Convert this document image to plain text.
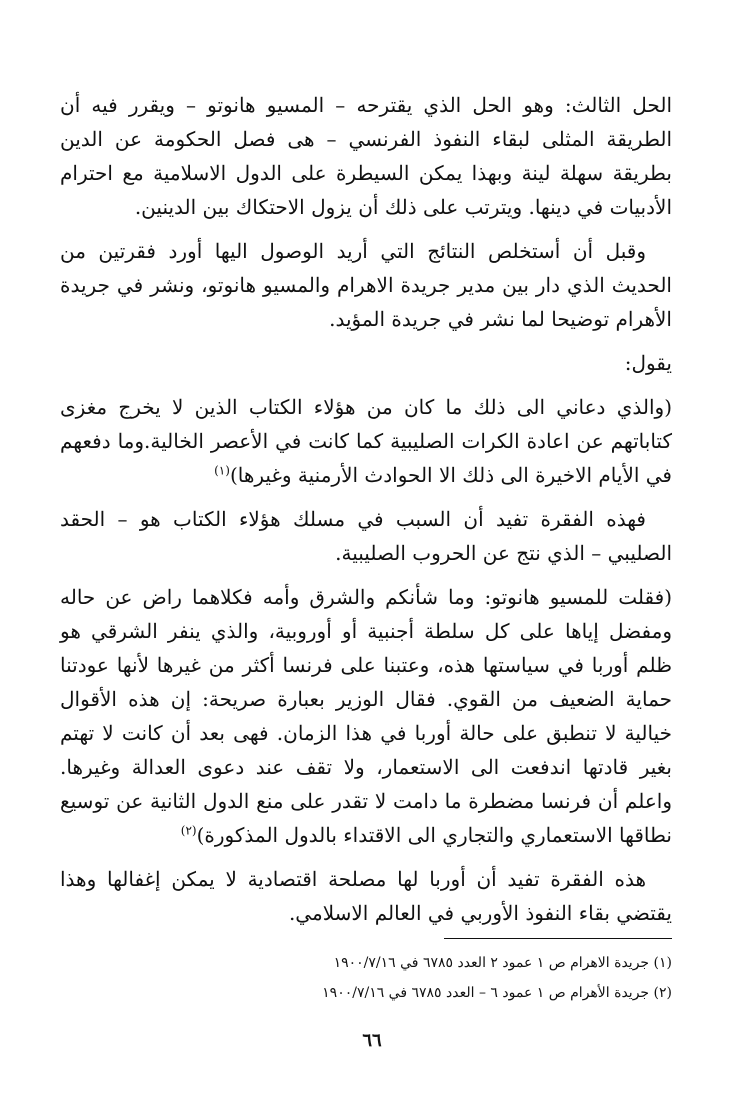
الحل الثالث: وهو الحل الذي يقترحه – المسيو هانوتو – ويقرر فيه أن الطريقة المثلى لبقاء النفوذ الفرنسي – هى فصل الحكومة عن الدين بطريقة سهلة لينة وبهذا يمكن السيطرة على الدول الاسلامية مع احترام الأدبيات في دينها. ويترتب على ذلك أن يزول الاحتكاك بين الدينين.

وقبل أن أستخلص النتائج التي أريد الوصول اليها أورد فقرتين من الحديث الذي دار بين مدير جريدة الاهرام والمسيو هانوتو، ونشر في جريدة الأهرام توضيحا لما نشر في جريدة المؤيد.

يقول:

(والذي دعاني الى ذلك ما كان من هؤلاء الكتاب الذين لا يخرج مغزى كتاباتهم عن اعادة الكرات الصليبية كما كانت في الأعصر الخالية.وما دفعهم في الأيام الاخيرة الى ذلك الا الحوادث الأرمنية وغيرها)$^{(١)}$

فهذه الفقرة تفيد أن السبب في مسلك هؤلاء الكتاب هو – الحقد الصليبي – الذي نتج عن الحروب الصليبية.

(فقلت للمسيو هانوتو: وما شأنكم والشرق وأمه فكلاهما راض عن حاله ومفضل إياها على كل سلطة أجنبية أو أوروبية، والذي ينفر الشرقي هو ظلم أوربا في سياستها هذه، وعتبنا على فرنسا أكثر من غيرها لأنها عودتنا حماية الضعيف من القوي. فقال الوزير بعبارة صريحة: إن هذه الأقوال خيالية لا تنطبق على حالة أوربا في هذا الزمان. فهى بعد أن كانت لا تهتم بغير قادتها اندفعت الى الاستعمار، ولا تقف عند دعوى العدالة وغيرها. واعلم أن فرنسا مضطرة ما دامت لا تقدر على منع الدول الثانية عن توسيع نطاقها الاستعماري والتجاري الى الاقتداء بالدول المذكورة)$^{(٢)}$

هذه الفقرة تفيد أن أوربا لها مصلحة اقتصادية لا يمكن إغفالها وهذا يقتضي بقاء النفوذ الأوربي في العالم الاسلامي.

(١) جريدة الاهرام ص ١ عمود ٢ العدد ٦٧٨٥ في ١٩٠٠/٧/١٦

(٢) جريدة الأهرام ص ١ عمود ٦ – العدد ٦٧٨٥ في ١٩٠٠/٧/١٦

٦٦
